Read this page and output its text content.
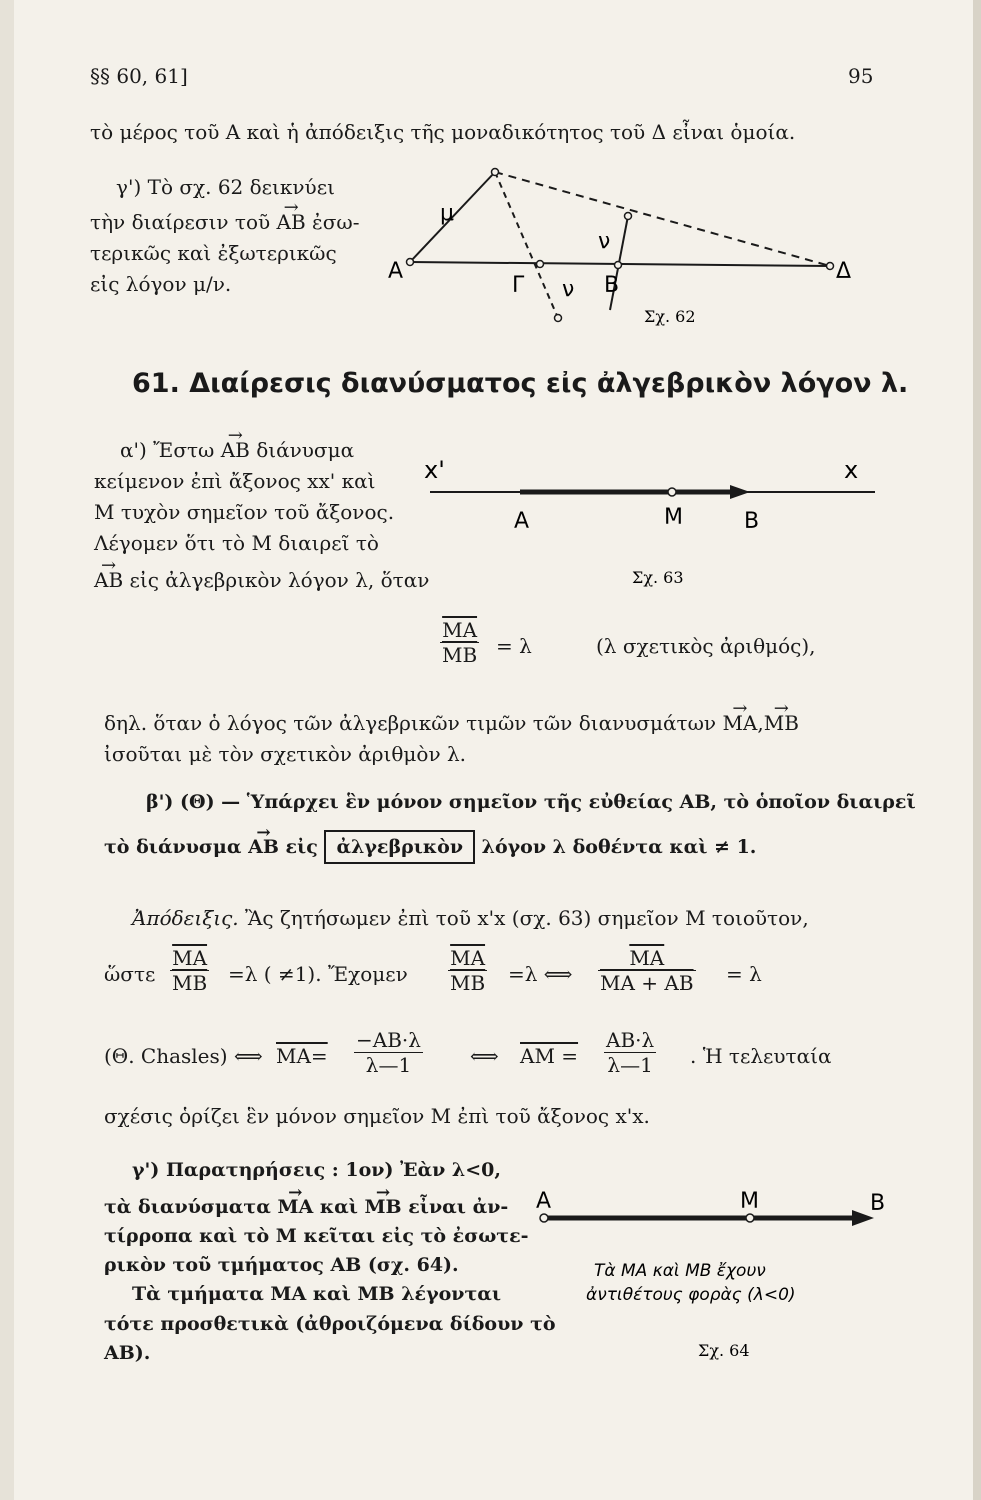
§§ 60, 61]	95
τὸ μέρος τοῦ Α καὶ ἡ ἀπόδειξις τῆς μοναδικότητος τοῦ Δ εἶναι ὁμοία.
γ') Τὸ σχ. 62 δεικνύει
τὴν διαίρεσιν τοῦ → ΑΒ ἐσω-
τερικῶς καὶ ἐξωτερικῶς
εἰς λόγον μ/ν.	Α	Δ
μ
ν
Γ ν Β
Σχ. 62
61. Διαίρεσις διανύσματος εἰς ἀλγεβρικὸν λόγον λ.
α') Ἔστω → ΑΒ διάνυσμα
κείμενον ἐπὶ ἄξονος xx' καὶ
Μ τυχὸν σημεῖον τοῦ ἄξονος.
Λέγομεν ὅτι τὸ Μ διαιρεῖ τὸ
→ ΑΒ εἰς ἀλγεβρικὸν λόγον λ, ὅταν
x'	x
Α	Μ	Β
Σχ. 63
$\frac{\overline{MA}}{MB} = \lambda$	(λ σχετικὸς ἀριθμός),
δηλ. ὅταν ὁ λόγος τῶν ἀλγεβρικῶν τιμῶν τῶν διανυσμάτων → ΜΑ,→ ΜΒ
ἰσοῦται μὲ τὸν σχετικὸν ἀριθμὸν λ.
β') (Θ) — Ὑπάρχει ἓν μόνον σημεῖον τῆς εὐθείας ΑΒ, τὸ ὁποῖον διαιρεῖ
τὸ διάνυσμα → ΑΒ εἰς ἀλγεβρικὸν λόγον λ δοθέντα καὶ ≠ 1.
Ἀπόδειξις. Ἂς ζητήσωμεν ἐπὶ τοῦ x'x (σχ. 63) σημεῖον Μ τοιοῦτον,
ὥστε $\frac{\overline{MA}}{MB} =\lambda$ ( ≠1). Ἔχομεν $\frac{\overline{MA}}{MB} =\lambda$ ⟺ $\frac{\overline{MA}}{MA + AB} = \lambda$
(Θ. Chasles) ⟺ $MA= \frac{-AB\cdot\lambda}{\lambda—1}$ ⟺ $AM = \frac{AB\cdot\lambda}{\lambda—1}$ . Ἡ τελευταία
σχέσις ὁρίζει ἓν μόνον σημεῖον Μ ἐπὶ τοῦ ἄξονος x'x.
γ') Παρατηρήσεις : 1ον) Ἐὰν λ<0,
τὰ διανύσματα → ΜΑ καὶ → ΜΒ εἶναι ἀν-
τίρροπα καὶ τὸ Μ κεῖται εἰς τὸ ἐσωτε-
ρικὸν τοῦ τμήματος ΑΒ (σχ. 64).
Τὰ τμήματα ΜΑ καὶ ΜΒ λέγονται
τότε προσθετικὰ (ἀθροιζόμενα δίδουν τὸ
ΑΒ).
Α	Μ	Β
Τὰ ΜΑ καὶ ΜΒ ἔχουν
ἀντιθέτους φορὰς (λ<0)
Σχ. 64
